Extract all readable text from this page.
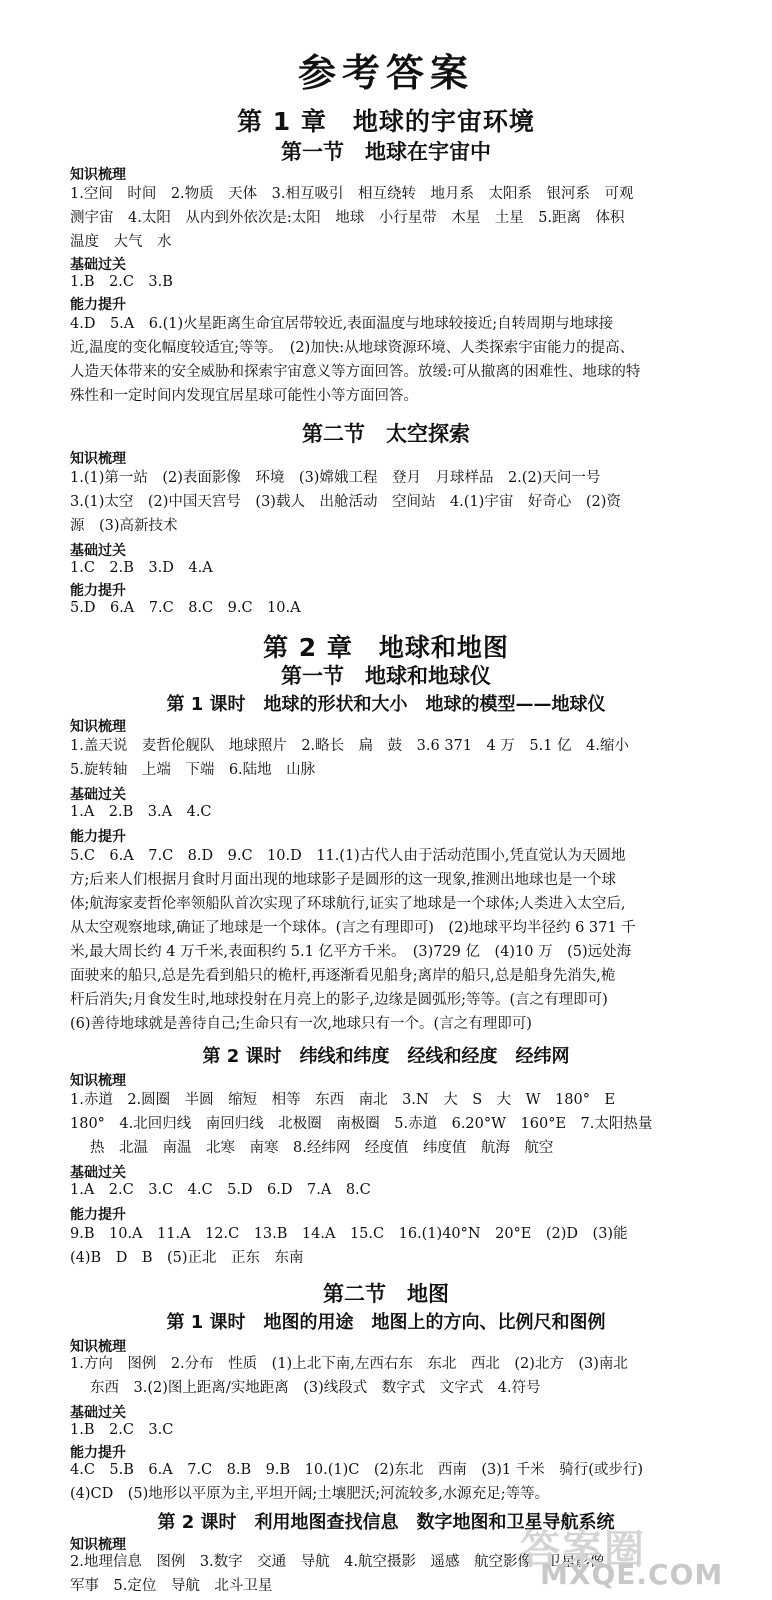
参考答案
第 1 章　地球的宇宙环境
第一节　地球在宇宙中
知识梳理
1.空间　时间　2.物质　天体　3.相互吸引　相互绕转　地月系　太阳系　银河系　可观
测宇宙　4.太阳　从内到外依次是:太阳　地球　小行星带　木星　土星　5.距离　体积
温度　大气　水
基础过关
1.B　2.C　3.B
能力提升
4.D　5.A　6.(1)火星距离生命宜居带较近,表面温度与地球较接近;自转周期与地球接
近,温度的变化幅度较适宜;等等。　(2)加快:从地球资源环境、人类探索宇宙能力的提高、
人造天体带来的安全威胁和探索宇宙意义等方面回答。放缓:可从撤离的困难性、地球的特
殊性和一定时间内发现宜居星球可能性小等方面回答。
第二节　太空探索
知识梳理
1.(1)第一站　(2)表面影像　环境　(3)嫦娥工程　登月　月球样品　2.(2)天问一号
3.(1)太空　(2)中国天宫号　(3)载人　出舱活动　空间站　4.(1)宇宙　好奇心　(2)资
源　(3)高新技术
基础过关
1.C　2.B　3.D　4.A
能力提升
5.D　6.A　7.C　8.C　9.C　10.A
第 2 章　地球和地图
第一节　地球和地球仪
第 1 课时　地球的形状和大小　地球的模型——地球仪
知识梳理
1.盖天说　麦哲伦舰队　地球照片　2.略长　扁　鼓　3.6 371　4 万　5.1 亿　4.缩小
5.旋转轴　上端　下端　6.陆地　山脉
基础过关
1.A　2.B　3.A　4.C
能力提升
5.C　6.A　7.C　8.D　9.C　10.D　11.(1)古代人由于活动范围小,凭直觉认为天圆地
方;后来人们根据月食时月面出现的地球影子是圆形的这一现象,推测出地球也是一个球
体;航海家麦哲伦率领船队首次实现了环球航行,证实了地球是一个球体;人类进入太空后,
从太空观察地球,确证了地球是一个球体。(言之有理即可)　(2)地球平均半径约 6 371 千
米,最大周长约 4 万千米,表面积约 5.1 亿平方千米。　(3)729 亿　(4)10 万　(5)远处海
面驶来的船只,总是先看到船只的桅杆,再逐渐看见船身;离岸的船只,总是船身先消失,桅
杆后消失;月食发生时,地球投射在月亮上的影子,边缘是圆弧形;等等。(言之有理即可)
(6)善待地球就是善待自己;生命只有一次,地球只有一个。(言之有理即可)
第 2 课时　纬线和纬度　经线和经度　经纬网
知识梳理
1.赤道　2.圆圈　半圆　缩短　相等　东西　南北　3.N　大　S　大　W　180°　E
180°　4.北回归线　南回归线　北极圈　南极圈　5.赤道　6.20°W　160°E　7.太阳热量
热　北温　南温　北寒　南寒　8.经纬网　经度值　纬度值　航海　航空
基础过关
1.A　2.C　3.C　4.C　5.D　6.D　7.A　8.C
能力提升
9.B　10.A　11.A　12.C　13.B　14.A　15.C　16.(1)40°N　20°E　(2)D　(3)能
(4)B　D　B　(5)正北　正东　东南
第二节　地图
第 1 课时　地图的用途　地图上的方向、比例尺和图例
知识梳理
1.方向　图例　2.分布　性质　(1)上北下南,左西右东　东北　西北　(2)北方　(3)南北
东西　3.(2)图上距离/实地距离　(3)线段式　数字式　文字式　4.符号
基础过关
1.B　2.C　3.C
能力提升
4.C　5.B　6.A　7.C　8.B　9.B　10.(1)C　(2)东北　西南　(3)1 千米　骑行(或步行)
(4)CD　(5)地形以平原为主,平坦开阔;土壤肥沃;河流较多,水源充足;等等。
第 2 课时　利用地图查找信息　数字地图和卫星导航系统
知识梳理
2.地理信息　图例　3.数字　交通　导航　4.航空摄影　遥感　航空影像　卫星影像
军事　5.定位　导航　北斗卫星
答案圈
MXQE.COM
